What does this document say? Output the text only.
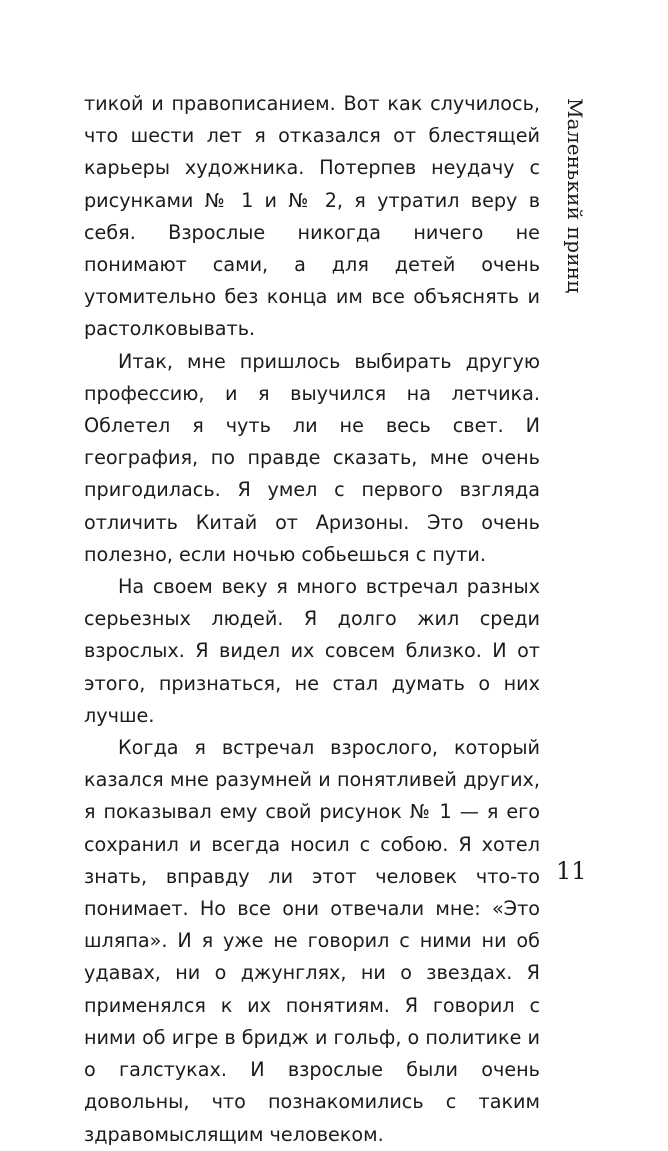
тикой и правописанием. Вот как случилось, что шести лет я отказался от блестящей карьеры художника. Потерпев неудачу с рисунками № 1 и № 2, я утратил веру в себя. Взрослые никогда ничего не понимают сами, а для детей очень утомительно без конца им все объяснять и растолковывать.

Итак, мне пришлось выбирать другую профессию, и я выучился на летчика. Облетел я чуть ли не весь свет. И география, по правде сказать, мне очень пригодилась. Я умел с первого взгляда отличить Китай от Аризоны. Это очень полезно, если ночью собьешься с пути.

На своем веку я много встречал разных серьезных людей. Я долго жил среди взрослых. Я видел их совсем близко. И от этого, признаться, не стал думать о них лучше.

Когда я встречал взрослого, который казался мне разумней и понятливей других, я показывал ему свой рисунок № 1 — я его сохранил и всегда носил с собою. Я хотел знать, вправду ли этот человек что-то понимает. Но все они отвечали мне: «Это шляпа». И я уже не говорил с ними ни об удавах, ни о джунглях, ни о звездах. Я применялся к их понятиям. Я говорил с ними об игре в бридж и гольф, о политике и о галстуках. И взрослые были очень довольны, что познакомились с таким здравомыслящим человеком.

Маленький принц
11
